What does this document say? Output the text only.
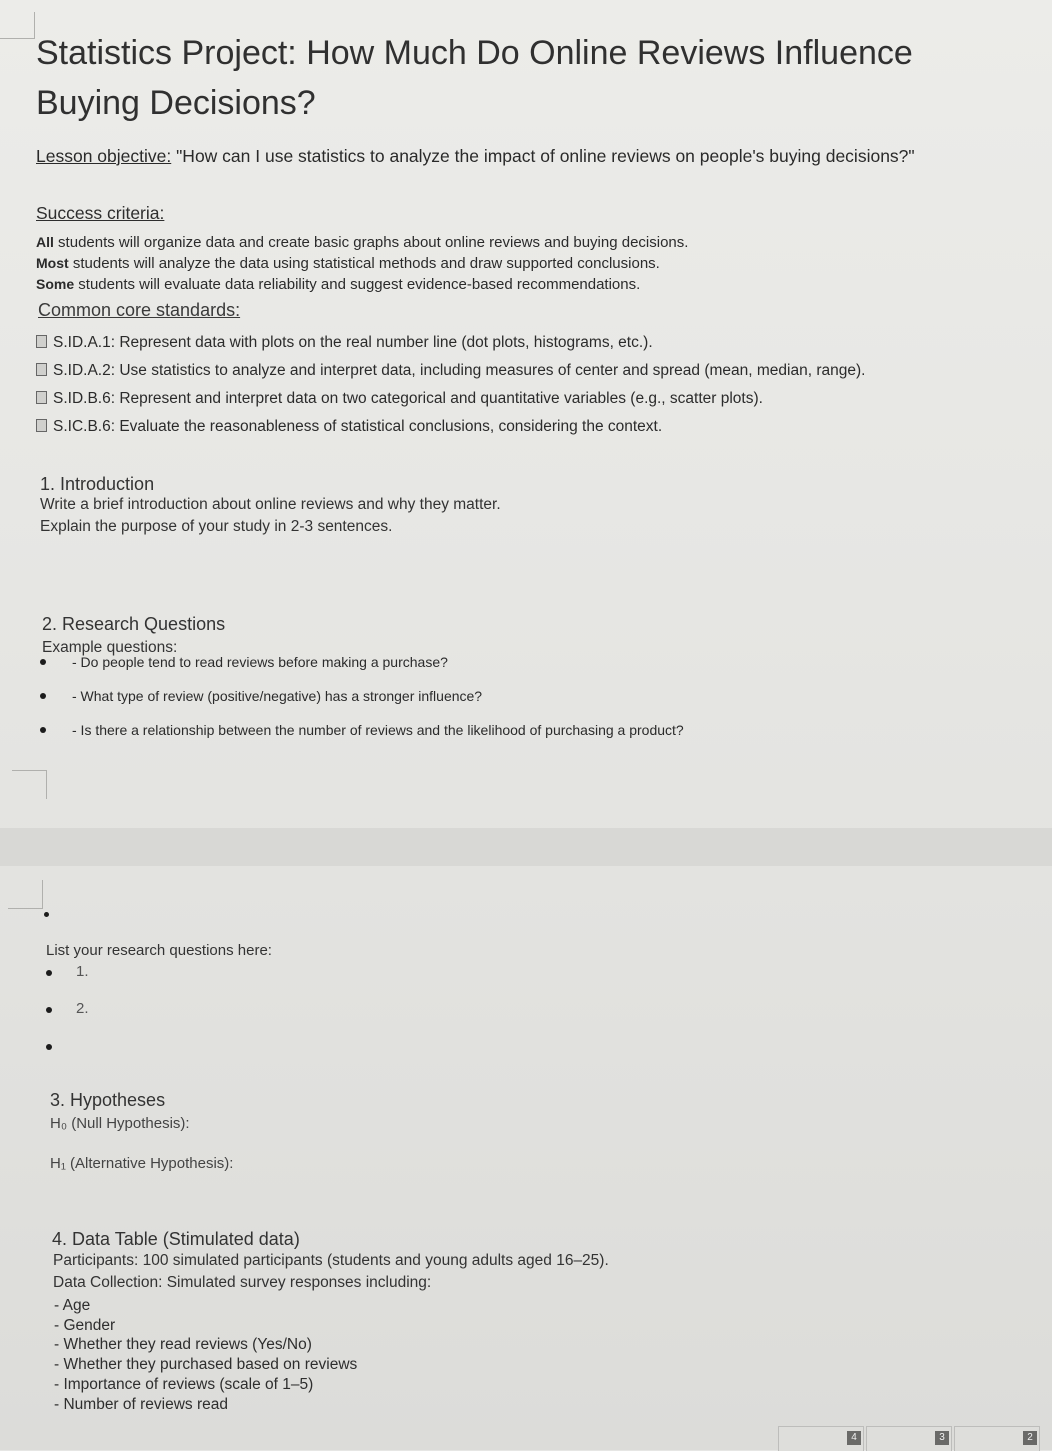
Statistics Project: How Much Do Online Reviews Influence Buying Decisions?
Lesson objective: "How can I use statistics to analyze the impact of online reviews on people's buying decisions?"
Success criteria:
All students will organize data and create basic graphs about online reviews and buying decisions.
Most students will analyze the data using statistical methods and draw supported conclusions.
Some students will evaluate data reliability and suggest evidence-based recommendations.
Common core standards:
S.ID.A.1: Represent data with plots on the real number line (dot plots, histograms, etc.).
S.ID.A.2: Use statistics to analyze and interpret data, including measures of center and spread (mean, median, range).
S.ID.B.6: Represent and interpret data on two categorical and quantitative variables (e.g., scatter plots).
S.IC.B.6: Evaluate the reasonableness of statistical conclusions, considering the context.
1. Introduction
Write a brief introduction about online reviews and why they matter.
Explain the purpose of your study in 2-3 sentences.
2. Research Questions
Example questions:
- Do people tend to read reviews before making a purchase?
- What type of review (positive/negative) has a stronger influence?
- Is there a relationship between the number of reviews and the likelihood of purchasing a product?
List your research questions here:
1.
2.
3. Hypotheses
H₀ (Null Hypothesis):
H₁ (Alternative Hypothesis):
4. Data Table (Stimulated data)
Participants: 100 simulated participants (students and young adults aged 16–25).
Data Collection: Simulated survey responses including:
- Age
- Gender
- Whether they read reviews (Yes/No)
- Whether they purchased based on reviews
- Importance of reviews (scale of 1–5)
- Number of reviews read
4	3	2
